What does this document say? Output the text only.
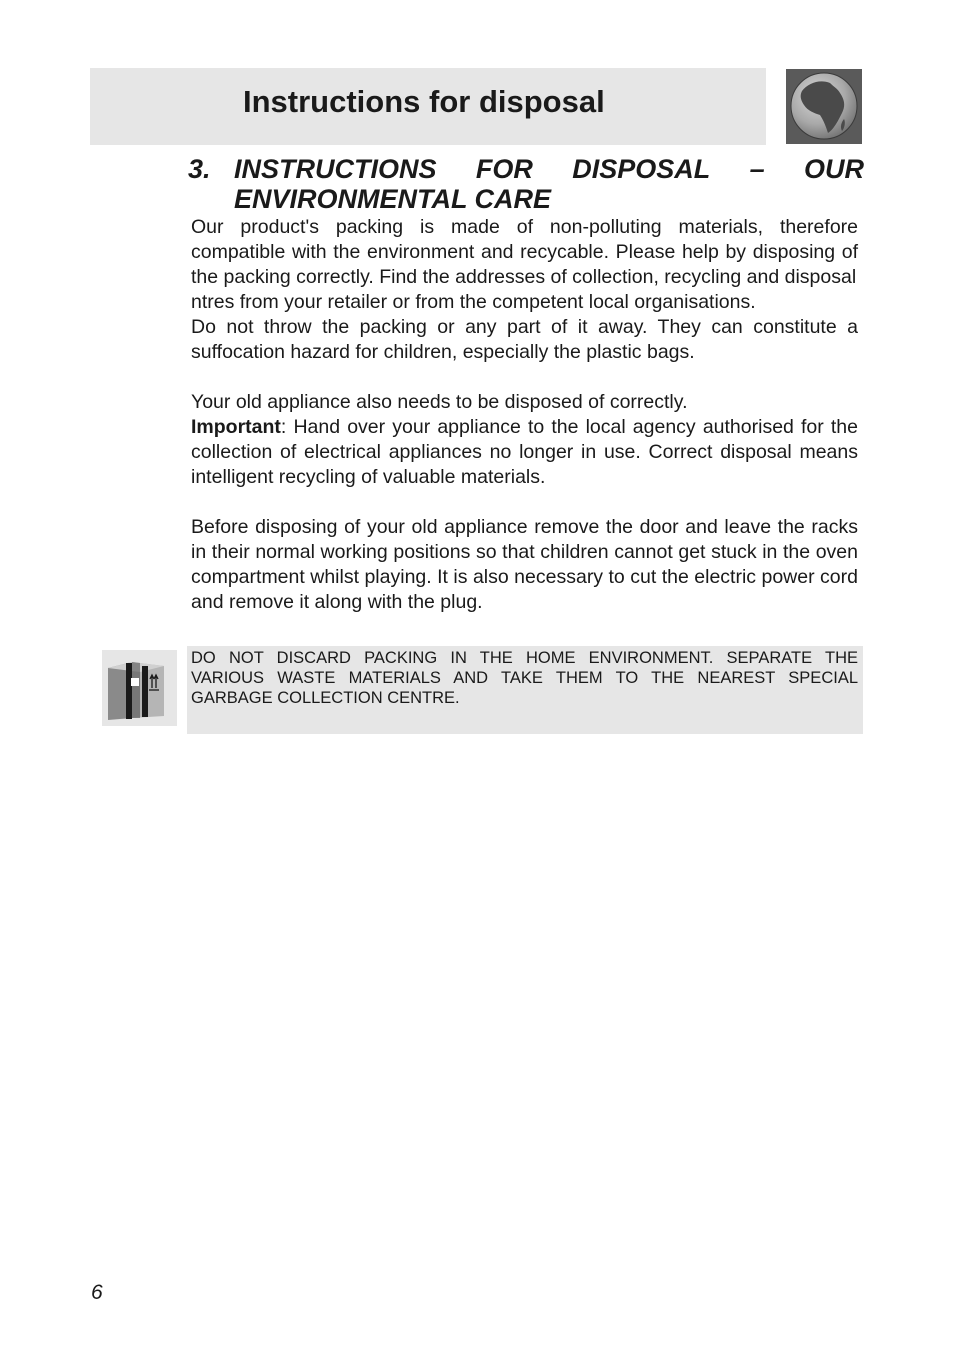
Instructions for disposal
3. INSTRUCTIONS FOR DISPOSAL – OUR
ENVIRONMENTAL CARE

Our product's packing is made of non-polluting materials, therefore compatible with the environment and recycable. Please help by disposing of the packing correctly. Find the addresses of collection, recycling and disposal

ntres from your retailer or from the competent local organisations.

Do not throw the packing or any part of it away. They can constitute a suffocation hazard for children, especially the plastic bags.

Your old appliance also needs to be disposed of correctly.

Important: Hand over your appliance to the local agency authorised for the collection of electrical appliances no longer in use. Correct disposal means intelligent recycling of valuable materials.

Before disposing of your old appliance remove the door and leave the racks in their normal working positions so that children cannot get stuck in the oven compartment whilst playing. It is also necessary to cut the electric power cord and remove it along with the plug.

DO NOT DISCARD PACKING IN THE HOME ENVIRONMENT. SEPARATE THE VARIOUS WASTE MATERIALS AND TAKE THEM TO THE NEAREST SPECIAL GARBAGE COLLECTION CENTRE.
6
